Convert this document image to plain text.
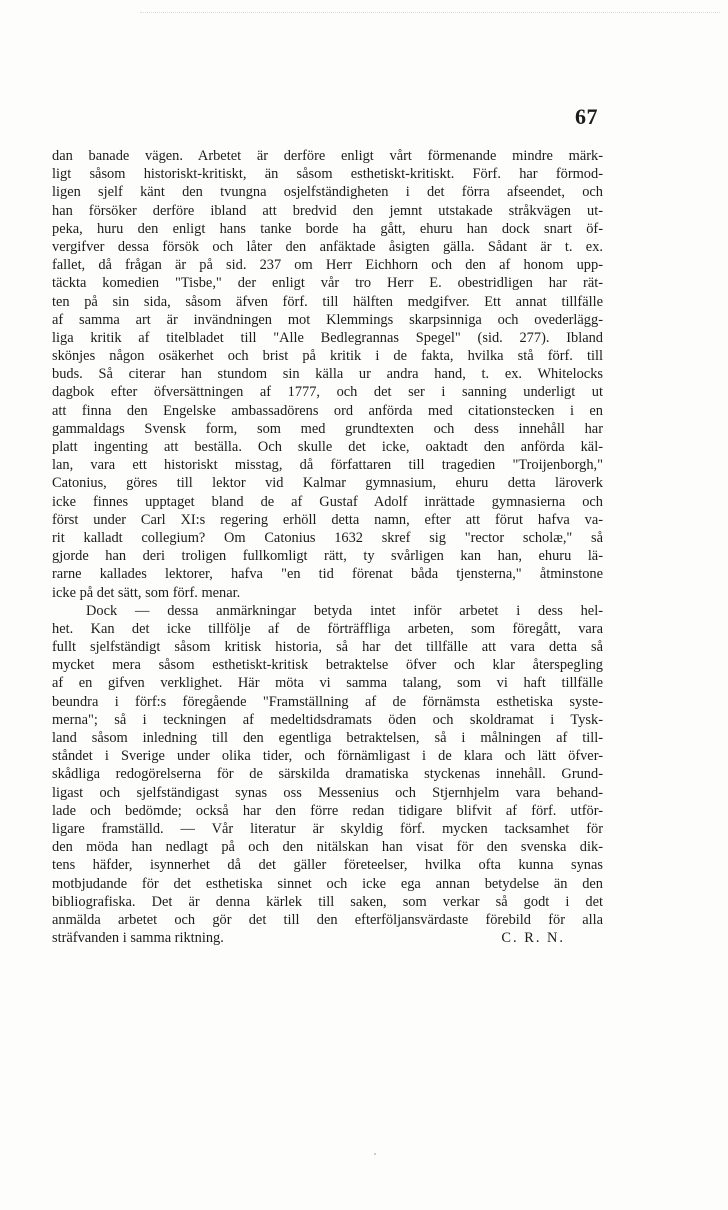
67
dan banade vägen. Arbetet är derföre enligt vårt förmenande mindre märk-
ligt såsom historiskt-kritiskt, än såsom esthetiskt-kritiskt. Förf. har förmod-
ligen sjelf känt den tvungna osjelfständigheten i det förra afseendet, och
han försöker derföre ibland att bredvid den jemnt utstakade stråkvägen ut-
peka, huru den enligt hans tanke borde ha gått, ehuru han dock snart öf-
vergifver dessa försök och låter den anfäktade åsigten gälla. Sådant är t. ex.
fallet, då frågan är på sid. 237 om Herr Eichhorn och den af honom upp-
täckta komedien "Tisbe," der enligt vår tro Herr E. obestridligen har rät-
ten på sin sida, såsom äfven förf. till hälften medgifver. Ett annat tillfälle
af samma art är invändningen mot Klemmings skarpsinniga och ovederlägg-
liga kritik af titelbladet till "Alle Bedlegrannas Spegel" (sid. 277). Ibland
skönjes någon osäkerhet och brist på kritik i de fakta, hvilka stå förf. till
buds. Så citerar han stundom sin källa ur andra hand, t. ex. Whitelocks
dagbok efter öfversättningen af 1777, och det ser i sanning underligt ut
att finna den Engelske ambassadörens ord anförda med citationstecken i en
gammaldags Svensk form, som med grundtexten och dess innehåll har
platt ingenting att beställa. Och skulle det icke, oaktadt den anförda käl-
lan, vara ett historiskt misstag, då författaren till tragedien "Troijenborgh,"
Catonius, göres till lektor vid Kalmar gymnasium, ehuru detta läroverk
icke finnes upptaget bland de af Gustaf Adolf inrättade gymnasierna och
först under Carl XI:s regering erhöll detta namn, efter att förut hafva va-
rit kalladt collegium? Om Catonius 1632 skref sig "rector scholæ," så
gjorde han deri troligen fullkomligt rätt, ty svårligen kan han, ehuru lä-
rarne kallades lektorer, hafva "en tid förenat båda tjensterna," åtminstone
icke på det sätt, som förf. menar.
Dock — dessa anmärkningar betyda intet inför arbetet i dess hel-
het. Kan det icke tillfölje af de förträffliga arbeten, som föregått, vara
fullt sjelfständigt såsom kritisk historia, så har det tillfälle att vara detta så
mycket mera såsom esthetiskt-kritisk betraktelse öfver och klar återspegling
af en gifven verklighet. Här möta vi samma talang, som vi haft tillfälle
beundra i förf:s föregående "Framställning af de förnämsta esthetiska syste-
merna"; så i teckningen af medeltidsdramats öden och skoldramat i Tysk-
land såsom inledning till den egentliga betraktelsen, så i målningen af till-
ståndet i Sverige under olika tider, och förnämligast i de klara och lätt öfver-
skådliga redogörelserna för de särskilda dramatiska styckenas innehåll. Grund-
ligast och sjelfständigast synas oss Messenius och Stjernhjelm vara behand-
lade och bedömde; också har den förre redan tidigare blifvit af förf. utför-
ligare framställd. — Vår literatur är skyldig förf. mycken tacksamhet för
den möda han nedlagt på och den nitälskan han visat för den svenska dik-
tens häfder, isynnerhet då det gäller företeelser, hvilka ofta kunna synas
motbjudande för det esthetiska sinnet och icke ega annan betydelse än den
bibliografiska. Det är denna kärlek till saken, som verkar så godt i det
anmälda arbetet och gör det till den efterföljansvärdaste förebild för alla
sträfvanden i samma riktning.	C. R. N.
